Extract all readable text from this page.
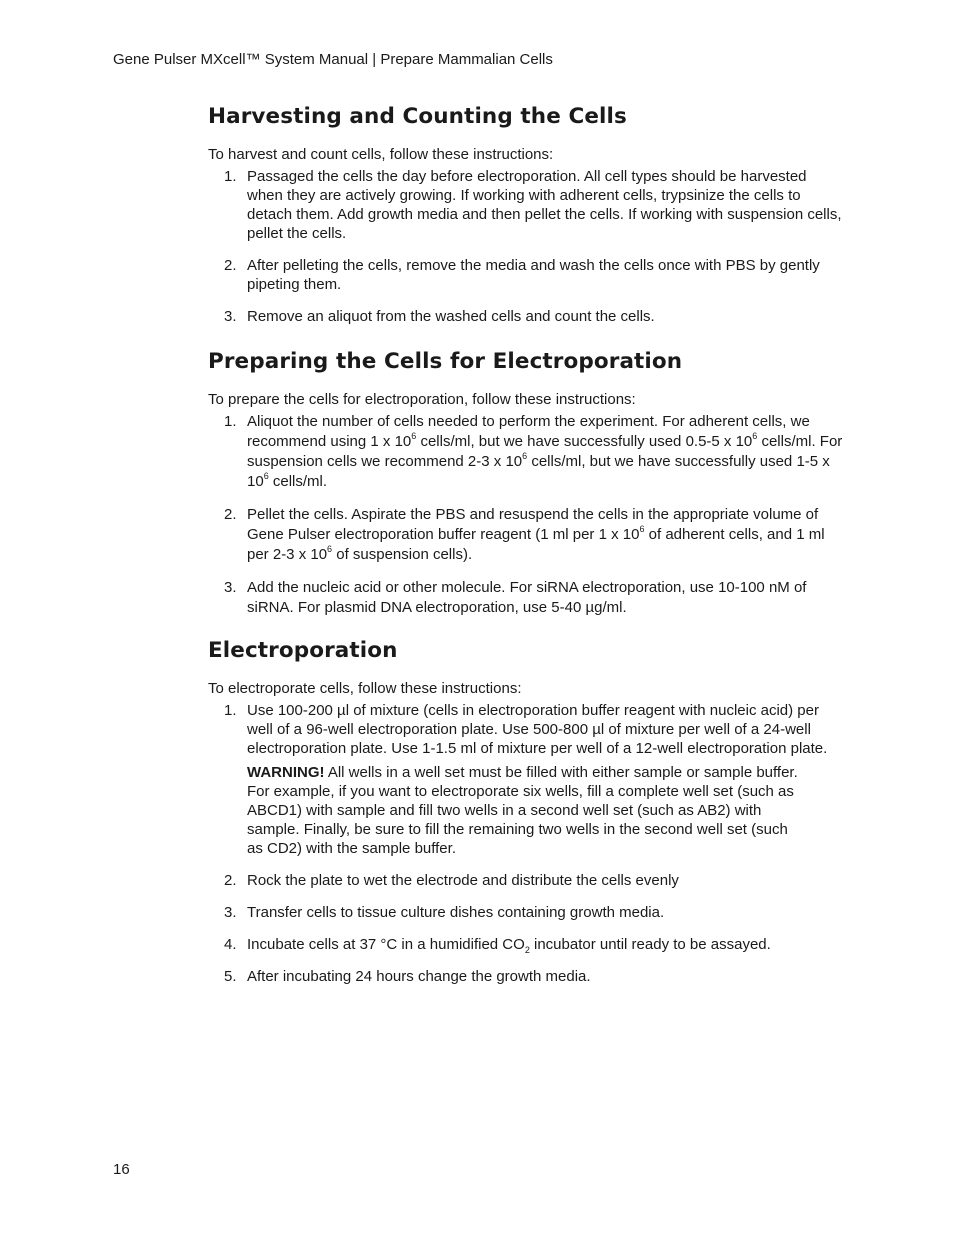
Gene Pulser MXcell™ System Manual | Prepare Mammalian Cells
Harvesting and Counting the Cells

To harvest and count cells, follow these instructions:

1. Passaged the cells the day before electroporation. All cell types should be harvested when they are actively growing. If working with adherent cells, trypsinize the cells to detach them. Add growth media and then pellet the cells. If working with suspension cells, pellet the cells.
2. After pelleting the cells, remove the media and wash the cells once with PBS by gently pipeting them.
3. Remove an aliquot from the washed cells and count the cells.
Preparing the Cells for Electroporation

To prepare the cells for electroporation, follow these instructions:

1. Aliquot the number of cells needed to perform the experiment. For adherent cells, we recommend using 1 x $10^6$ cells/ml, but we have successfully used 0.5-5 x $10^6$ cells/ml. For suspension cells we recommend 2-3 x $10^6$ cells/ml, but we have successfully used 1-5 x $10^6$ cells/ml.
2. Pellet the cells. Aspirate the PBS and resuspend the cells in the appropriate volume of Gene Pulser electroporation buffer reagent (1 ml per 1 x $10^6$ of adherent cells, and 1 ml per 2-3 x $10^6$ of suspension cells).
3. Add the nucleic acid or other molecule. For siRNA electroporation, use 10-100 nM of siRNA. For plasmid DNA electroporation, use 5-40 µg/ml.
Electroporation

To electroporate cells, follow these instructions:

1. Use 100-200 µl of mixture (cells in electroporation buffer reagent with nucleic acid) per well of a 96-well electroporation plate. Use 500-800 µl of mixture per well of a 24-well electroporation plate. Use 1-1.5 ml of mixture per well of a 12-well electroporation plate.

WARNING! All wells in a well set must be filled with either sample or sample buffer. For example, if you want to electroporate six wells, fill a complete well set (such as ABCD1) with sample and fill two wells in a second well set (such as AB2) with sample. Finally, be sure to fill the remaining two wells in the second well set (such as CD2) with the sample buffer.

2. Rock the plate to wet the electrode and distribute the cells evenly
3. Transfer cells to tissue culture dishes containing growth media.
4. Incubate cells at 37 °C in a humidified $CO_2$ incubator until ready to be assayed.
5. After incubating 24 hours change the growth media.
16
